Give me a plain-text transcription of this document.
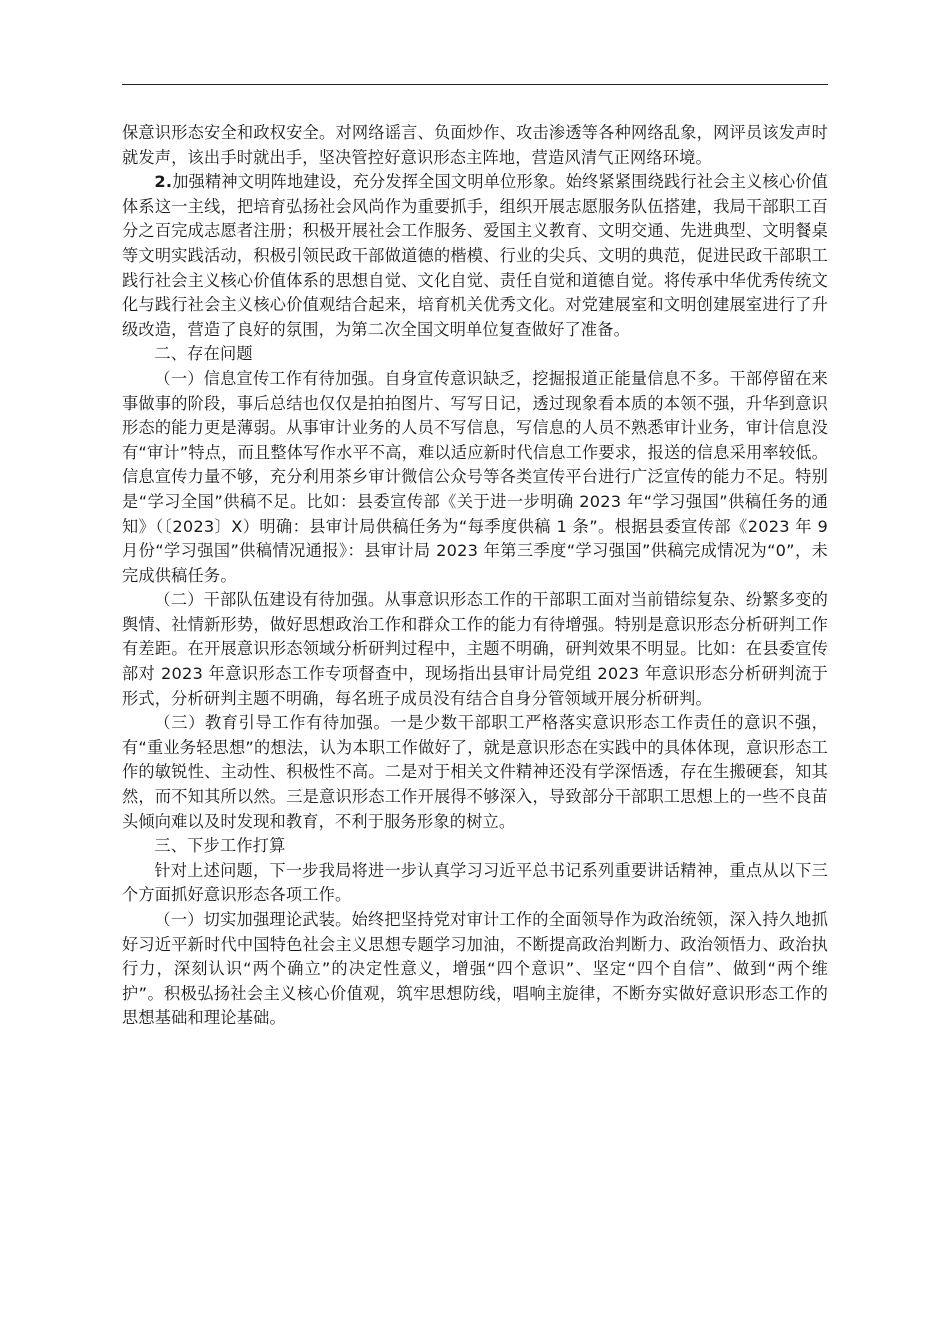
保意识形态安全和政权安全。对网络谣言、负面炒作、攻击渗透等各种网络乱象，网评员该发声时就发声，该出手时就出手，坚决管控好意识形态主阵地，营造风清气正网络环境。

2.加强精神文明阵地建设，充分发挥全国文明单位形象。始终紧紧围绕践行社会主义核心价值体系这一主线，把培育弘扬社会风尚作为重要抓手，组织开展志愿服务队伍搭建，我局干部职工百分之百完成志愿者注册；积极开展社会工作服务、爱国主义教育、文明交通、先进典型、文明餐桌等文明实践活动，积极引领民政干部做道德的楷模、行业的尖兵、文明的典范，促进民政干部职工践行社会主义核心价值体系的思想自觉、文化自觉、责任自觉和道德自觉。将传承中华优秀传统文化与践行社会主义核心价值观结合起来，培育机关优秀文化。对党建展室和文明创建展室进行了升级改造，营造了良好的氛围，为第二次全国文明单位复查做好了准备。

二、存在问题

（一）信息宣传工作有待加强。自身宣传意识缺乏，挖掘报道正能量信息不多。干部停留在来事做事的阶段，事后总结也仅仅是拍拍图片、写写日记，透过现象看本质的本领不强，升华到意识形态的能力更是薄弱。从事审计业务的人员不写信息，写信息的人员不熟悉审计业务，审计信息没有“审计”特点，而且整体写作水平不高，难以适应新时代信息工作要求，报送的信息采用率较低。信息宣传力量不够，充分利用茶乡审计微信公众号等各类宣传平台进行广泛宣传的能力不足。特别是“学习全国”供稿不足。比如：县委宣传部《关于进一步明确 2023 年“学习强国”供稿任务的通知》（〔2023〕X）明确：县审计局供稿任务为“每季度供稿 1 条”。根据县委宣传部《2023 年 9 月份“学习强国”供稿情况通报》：县审计局 2023 年第三季度“学习强国”供稿完成情况为“0”，未完成供稿任务。

（二）干部队伍建设有待加强。从事意识形态工作的干部职工面对当前错综复杂、纷繁多变的舆情、社情新形势，做好思想政治工作和群众工作的能力有待增强。特别是意识形态分析研判工作有差距。在开展意识形态领域分析研判过程中，主题不明确，研判效果不明显。比如：在县委宣传部对 2023 年意识形态工作专项督查中，现场指出县审计局党组 2023 年意识形态分析研判流于形式，分析研判主题不明确，每名班子成员没有结合自身分管领域开展分析研判。

（三）教育引导工作有待加强。一是少数干部职工严格落实意识形态工作责任的意识不强，有“重业务轻思想”的想法，认为本职工作做好了，就是意识形态在实践中的具体体现，意识形态工作的敏锐性、主动性、积极性不高。二是对于相关文件精神还没有学深悟透，存在生搬硬套，知其然，而不知其所以然。三是意识形态工作开展得不够深入，导致部分干部职工思想上的一些不良苗头倾向难以及时发现和教育，不利于服务形象的树立。

三、下步工作打算

针对上述问题，下一步我局将进一步认真学习习近平总书记系列重要讲话精神，重点从以下三个方面抓好意识形态各项工作。

（一）切实加强理论武装。始终把坚持党对审计工作的全面领导作为政治统领，深入持久地抓好习近平新时代中国特色社会主义思想专题学习加油，不断提高政治判断力、政治领悟力、政治执行力，深刻认识“两个确立”的决定性意义，增强“四个意识”、坚定“四个自信”、做到“两个维护”。积极弘扬社会主义核心价值观，筑牢思想防线，唱响主旋律，不断夯实做好意识形态工作的思想基础和理论基础。
